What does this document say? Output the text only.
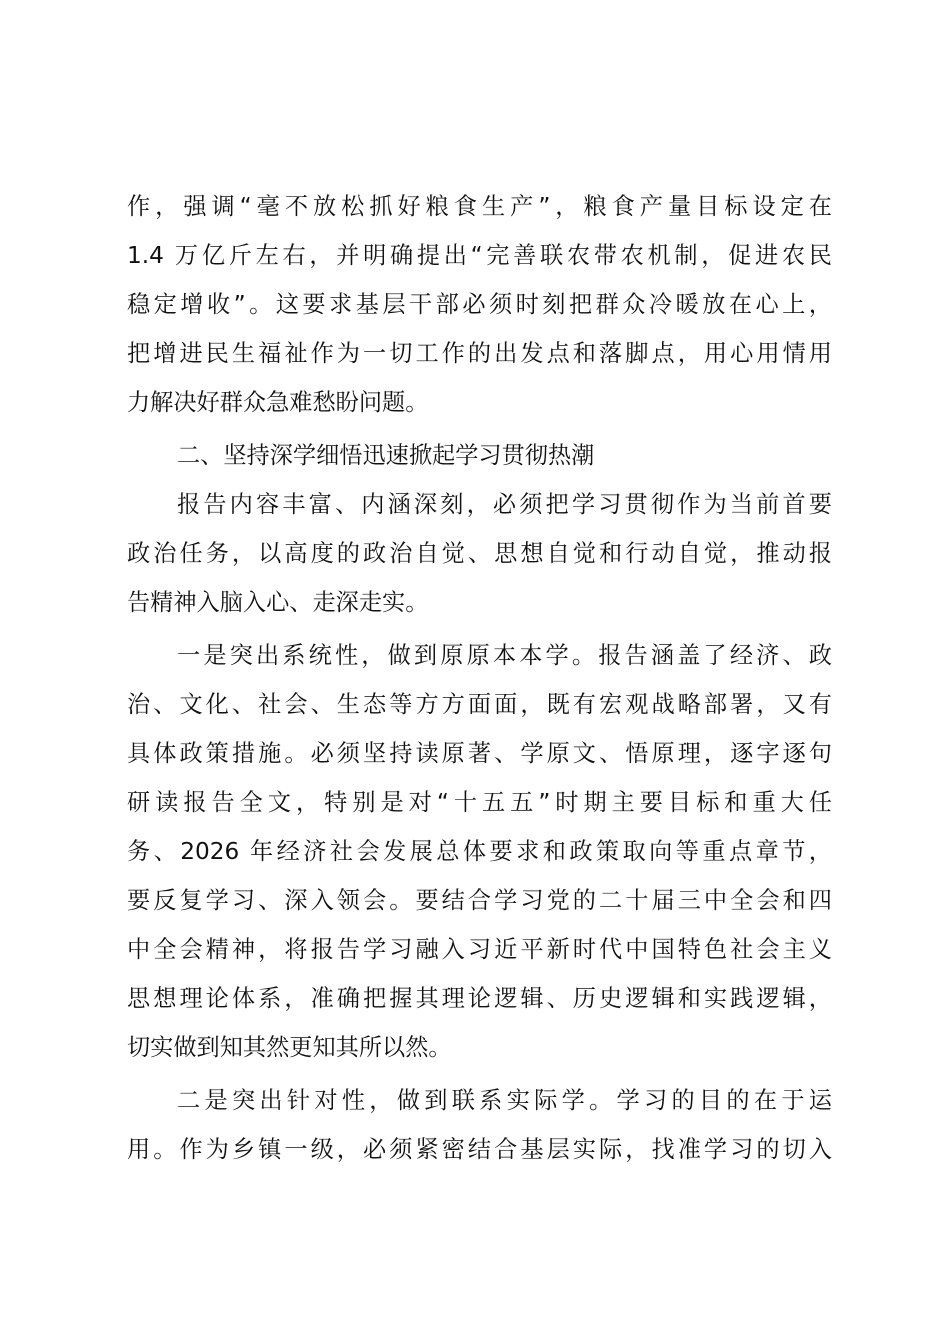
作，强调“毫不放松抓好粮食生产”，粮食产量目标设定在
1.4 万亿斤左右，并明确提出“完善联农带农机制，促进农民
稳定增收”。这要求基层干部必须时刻把群众冷暖放在心上，
把增进民生福祉作为一切工作的出发点和落脚点，用心用情用
力解决好群众急难愁盼问题。
二、坚持深学细悟迅速掀起学习贯彻热潮
报告内容丰富、内涵深刻，必须把学习贯彻作为当前首要
政治任务，以高度的政治自觉、思想自觉和行动自觉，推动报
告精神入脑入心、走深走实。
一是突出系统性，做到原原本本学。报告涵盖了经济、政
治、文化、社会、生态等方方面面，既有宏观战略部署，又有
具体政策措施。必须坚持读原著、学原文、悟原理，逐字逐句
研读报告全文，特别是对“十五五”时期主要目标和重大任
务、2026 年经济社会发展总体要求和政策取向等重点章节，
要反复学习、深入领会。要结合学习党的二十届三中全会和四
中全会精神，将报告学习融入习近平新时代中国特色社会主义
思想理论体系，准确把握其理论逻辑、历史逻辑和实践逻辑，
切实做到知其然更知其所以然。
二是突出针对性，做到联系实际学。学习的目的在于运
用。作为乡镇一级，必须紧密结合基层实际，找准学习的切入
